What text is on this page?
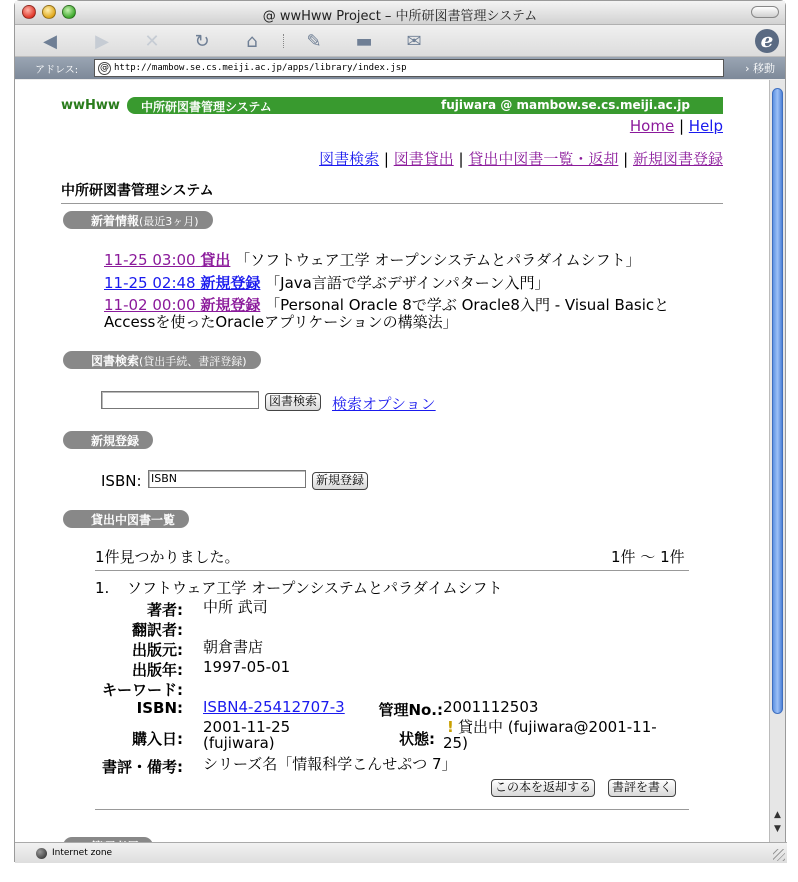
@ wwHww Project – 中所研図書管理システム
◀	▶	✕	↻	⌂	✎	▬	✉	e
アドレス: @ http://mambow.se.cs.meiji.ac.jp/apps/library/index.jsp	› 移動
wwHww 中所研図書管理システム	fujiwara @ mambow.se.cs.meiji.ac.jp
Home | Help
図書検索 | 図書貸出 | 貸出中図書一覧・返却 | 新規図書登録
中所研図書管理システム
新着情報(最近3ヶ月)
11-25 03:00 貸出 「ソフトウェア工学 オープンシステムとパラダイムシフト」
11-25 02:48 新規登録 「Java言語で学ぶデザインパターン入門」
11-02 00:00 新規登録 「Personal Oracle 8で学ぶ Oracle8入門 - Visual Basicと
Accessを使ったOracleアプリケーションの構築法」
図書検索(貸出手続、書評登録)
図書検索 検索オプション
新規登録
ISBN: ISBN	新規登録
貸出中図書一覧
1件見つかりました。	1件 ～ 1件
1. ソフトウェア工学 オープンシステムとパラダイムシフト
著者: 中所 武司
翻訳者:
出版元: 朝倉書店
出版年: 1997-05-01
キーワード:
ISBN: ISBN4-25412707-3	管理No.: 2001112503
購入日:
2001-11-25
(fujiwara)	状態:
! 貸出中 (fujiwara@2001-11-
25)
書評・備考: シリーズ名「情報科学こんせぷつ 7」
この本を返却する	書評を書く
▲
▼
Internet zone
